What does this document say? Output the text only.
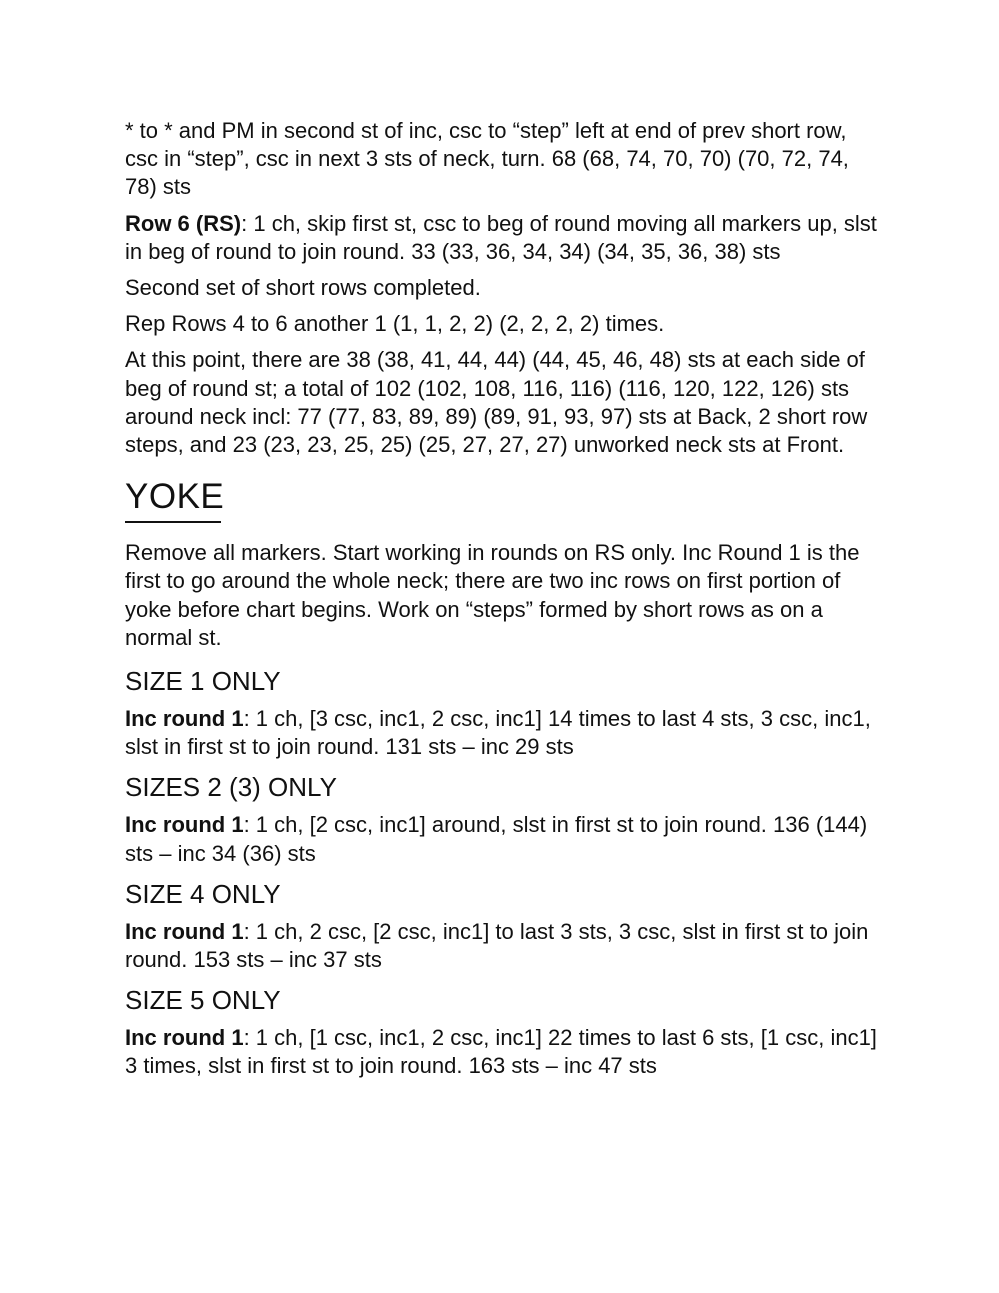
* to * and PM in second st of inc, csc to “step” left at end of prev short row, csc in “step”, csc in next 3 sts of neck, turn. 68 (68, 74, 70, 70) (70, 72, 74, 78) sts

Row 6 (RS): 1 ch, skip first st, csc to beg of round moving all markers up, slst in beg of round to join round. 33 (33, 36, 34, 34) (34, 35, 36, 38) sts

Second set of short rows completed.

Rep Rows 4 to 6 another 1 (1, 1, 2, 2) (2, 2, 2, 2) times.

At this point, there are 38 (38, 41, 44, 44) (44, 45, 46, 48) sts at each side of beg of round st; a total of 102 (102, 108, 116, 116) (116, 120, 122, 126) sts around neck incl: 77 (77, 83, 89, 89) (89, 91, 93, 97) sts at Back, 2 short row steps, and 23 (23, 23, 25, 25) (25, 27, 27, 27) unworked neck sts at Front.

YOKE

Remove all markers. Start working in rounds on RS only. Inc Round 1 is the first to go around the whole neck; there are two inc rows on first portion of yoke before chart begins. Work on “steps” formed by short rows as on a normal st.

SIZE 1 ONLY

Inc round 1: 1 ch, [3 csc, inc1, 2 csc, inc1] 14 times to last 4 sts, 3 csc, inc1, slst in first st to join round. 131 sts – inc 29 sts

SIZES 2 (3) ONLY

Inc round 1: 1 ch, [2 csc, inc1] around, slst in first st to join round. 136 (144) sts – inc 34 (36) sts

SIZE 4 ONLY

Inc round 1: 1 ch, 2 csc, [2 csc, inc1] to last 3 sts, 3 csc, slst in first st to join round. 153 sts – inc 37 sts

SIZE 5 ONLY

Inc round 1: 1 ch, [1 csc, inc1, 2 csc, inc1] 22 times to last 6 sts, [1 csc, inc1] 3 times, slst in first st to join round. 163 sts – inc 47 sts
